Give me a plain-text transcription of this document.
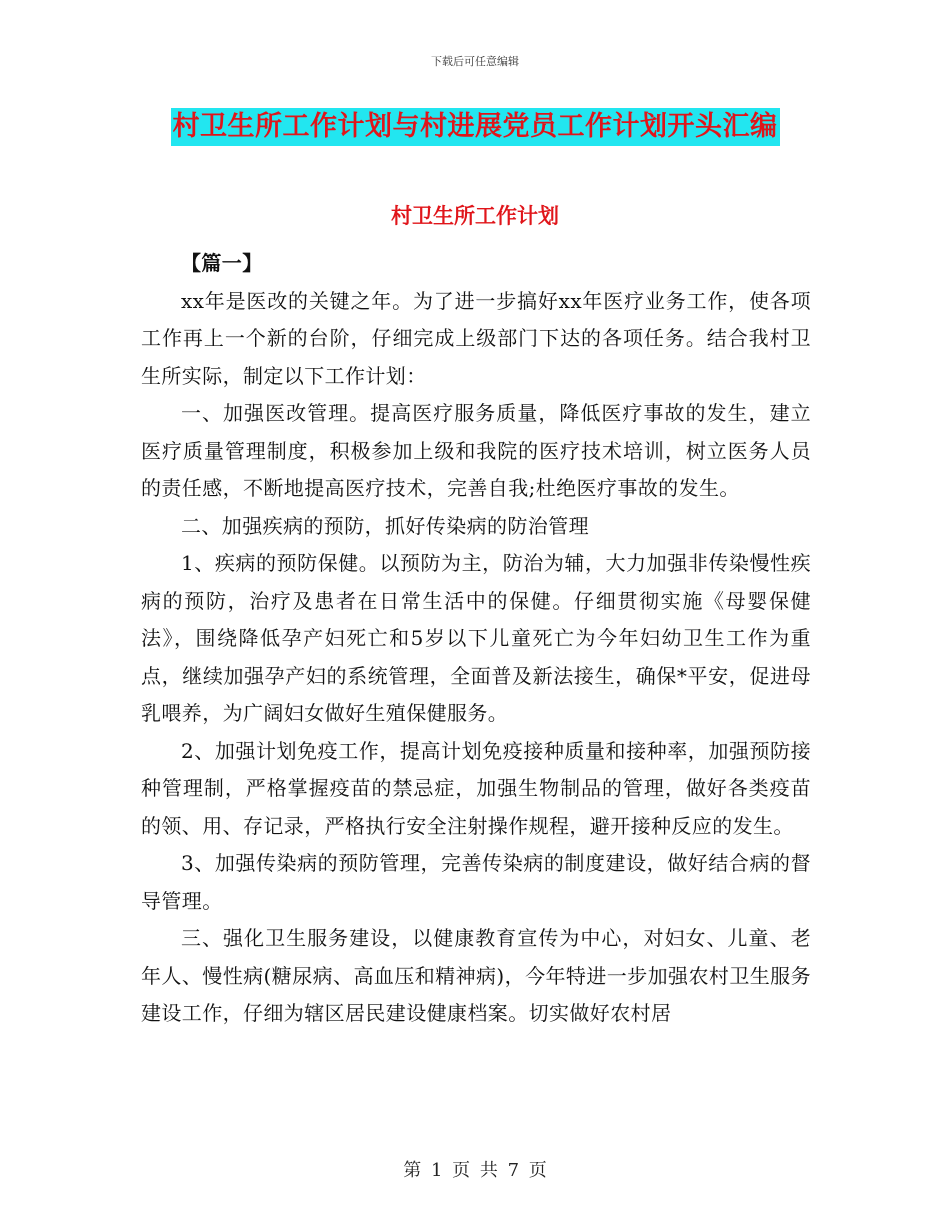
下载后可任意编辑
村卫生所工作计划与村进展党员工作计划开头汇编
村卫生所工作计划

【篇一】

xx年是医改的关键之年。为了进一步搞好xx年医疗业务工作，使各项工作再上一个新的台阶，仔细完成上级部门下达的各项任务。结合我村卫生所实际，制定以下工作计划：

一、加强医改管理。提高医疗服务质量，降低医疗事故的发生，建立医疗质量管理制度，积极参加上级和我院的医疗技术培训，树立医务人员的责任感，不断地提高医疗技术，完善自我;杜绝医疗事故的发生。

二、加强疾病的预防，抓好传染病的防治管理

1、疾病的预防保健。以预防为主，防治为辅，大力加强非传染慢性疾病的预防，治疗及患者在日常生活中的保健。仔细贯彻实施《母婴保健法》，围绕降低孕产妇死亡和5岁以下儿童死亡为今年妇幼卫生工作为重点，继续加强孕产妇的系统管理，全面普及新法接生，确保*平安，促进母乳喂养，为广阔妇女做好生殖保健服务。

2、加强计划免疫工作，提高计划免疫接种质量和接种率，加强预防接种管理制，严格掌握疫苗的禁忌症，加强生物制品的管理，做好各类疫苗的领、用、存记录，严格执行安全注射操作规程，避开接种反应的发生。

3、加强传染病的预防管理，完善传染病的制度建设，做好结合病的督导管理。

三、强化卫生服务建设，以健康教育宣传为中心，对妇女、儿童、老年人、慢性病(糖尿病、高血压和精神病)，今年特进一步加强农村卫生服务建设工作，仔细为辖区居民建设健康档案。切实做好农村居

第 1 页 共 7 页
